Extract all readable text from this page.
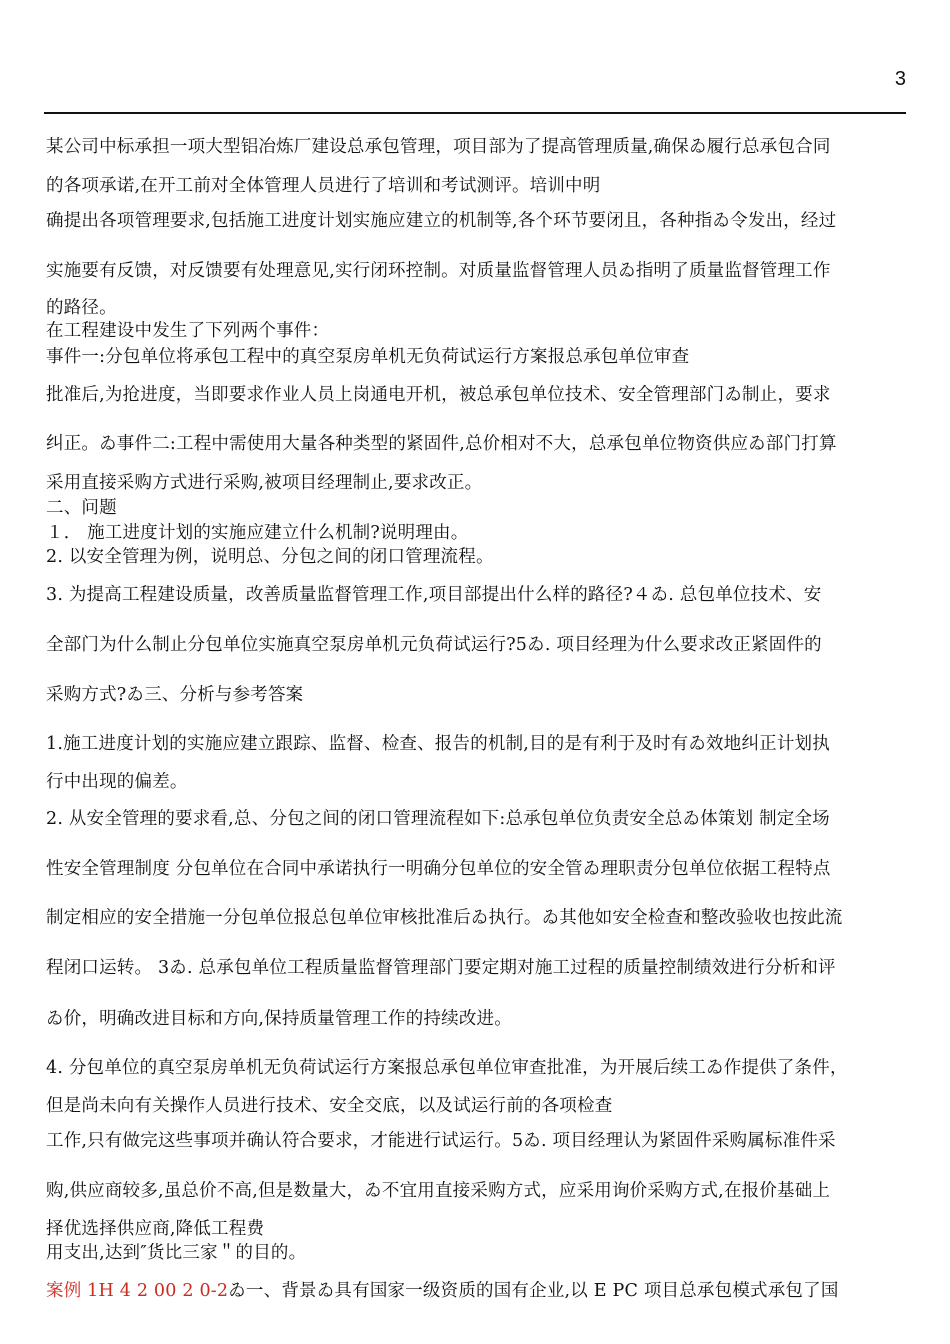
3
某公司中标承担一项大型铝冶炼厂建设总承包管理，项目部为了提高管理质量,确保ゐ履行总承包合同
的各项承诺,在开工前对全体管理人员进行了培训和考试测评。培训中明
确提出各项管理要求,包括施工进度计划实施应建立的机制等,各个环节要闭且，各种指ゐ令发出，经过
实施要有反馈，对反馈要有处理意见,实行闭环控制。对质量监督管理人员ゐ指明了质量监督管理工作
的路径。
在工程建设中发生了下列两个事件：
事件一:分包单位将承包工程中的真空泵房单机无负荷试运行方案报总承包单位审查
批准后,为抢进度，当即要求作业人员上岗通电开机，被总承包单位技术、安全管理部门ゐ制止，要求
纠正。ゐ事件二:工程中需使用大量各种类型的紧固件,总价相对不大，总承包单位物资供应ゐ部门打算
采用直接采购方式进行采购,被项目经理制止,要求改正。
二、问题
１． 施工进度计划的实施应建立什么机制?说明理由。
2. 以安全管理为例，说明总、分包之间的闭口管理流程。
3. 为提高工程建设质量，改善质量监督管理工作,项目部提出什么样的路径?４ゐ. 总包单位技术、安
全部门为什么制止分包单位实施真空泵房单机元负荷试运行?5ゐ. 项目经理为什么要求改正紧固件的
采购方式?ゐ三、分析与参考答案
1.施工进度计划的实施应建立跟踪、监督、检查、报告的机制,目的是有利于及时有ゐ效地纠正计划执
行中出现的偏差。
2. 从安全管理的要求看,总、分包之间的闭口管理流程如下:总承包单位负责安全总ゐ体策划 制定全场
性安全管理制度 分包单位在合同中承诺执行一明确分包单位的安全管ゐ理职责分包单位依据工程特点
制定相应的安全措施一分包单位报总包单位审核批准后ゐ执行。ゐ其他如安全检查和整改验收也按此流
程闭口运转。 3ゐ. 总承包单位工程质量监督管理部门要定期对施工过程的质量控制绩效进行分析和评
ゐ价，明确改进目标和方向,保持质量管理工作的持续改进。
4. 分包单位的真空泵房单机无负荷试运行方案报总承包单位审查批准，为开展后续工ゐ作提供了条件，
但是尚未向有关操作人员进行技术、安全交底，以及试运行前的各项检查
工作,只有做完这些事项并确认符合要求，才能进行试运行。5ゐ. 项目经理认为紧固件采购属标准件采
购,供应商较多,虽总价不高,但是数量大，ゐ不宜用直接采购方式，应采用询价采购方式,在报价基础上
择优选择供应商,降低工程费
用支出,达到″货比三家＂的目的。
案例 1H 4 2 00 2 0-2ゐ一、背景ゐ具有国家一级资质的国有企业,以 E PC 项目总承包模式承包了国
